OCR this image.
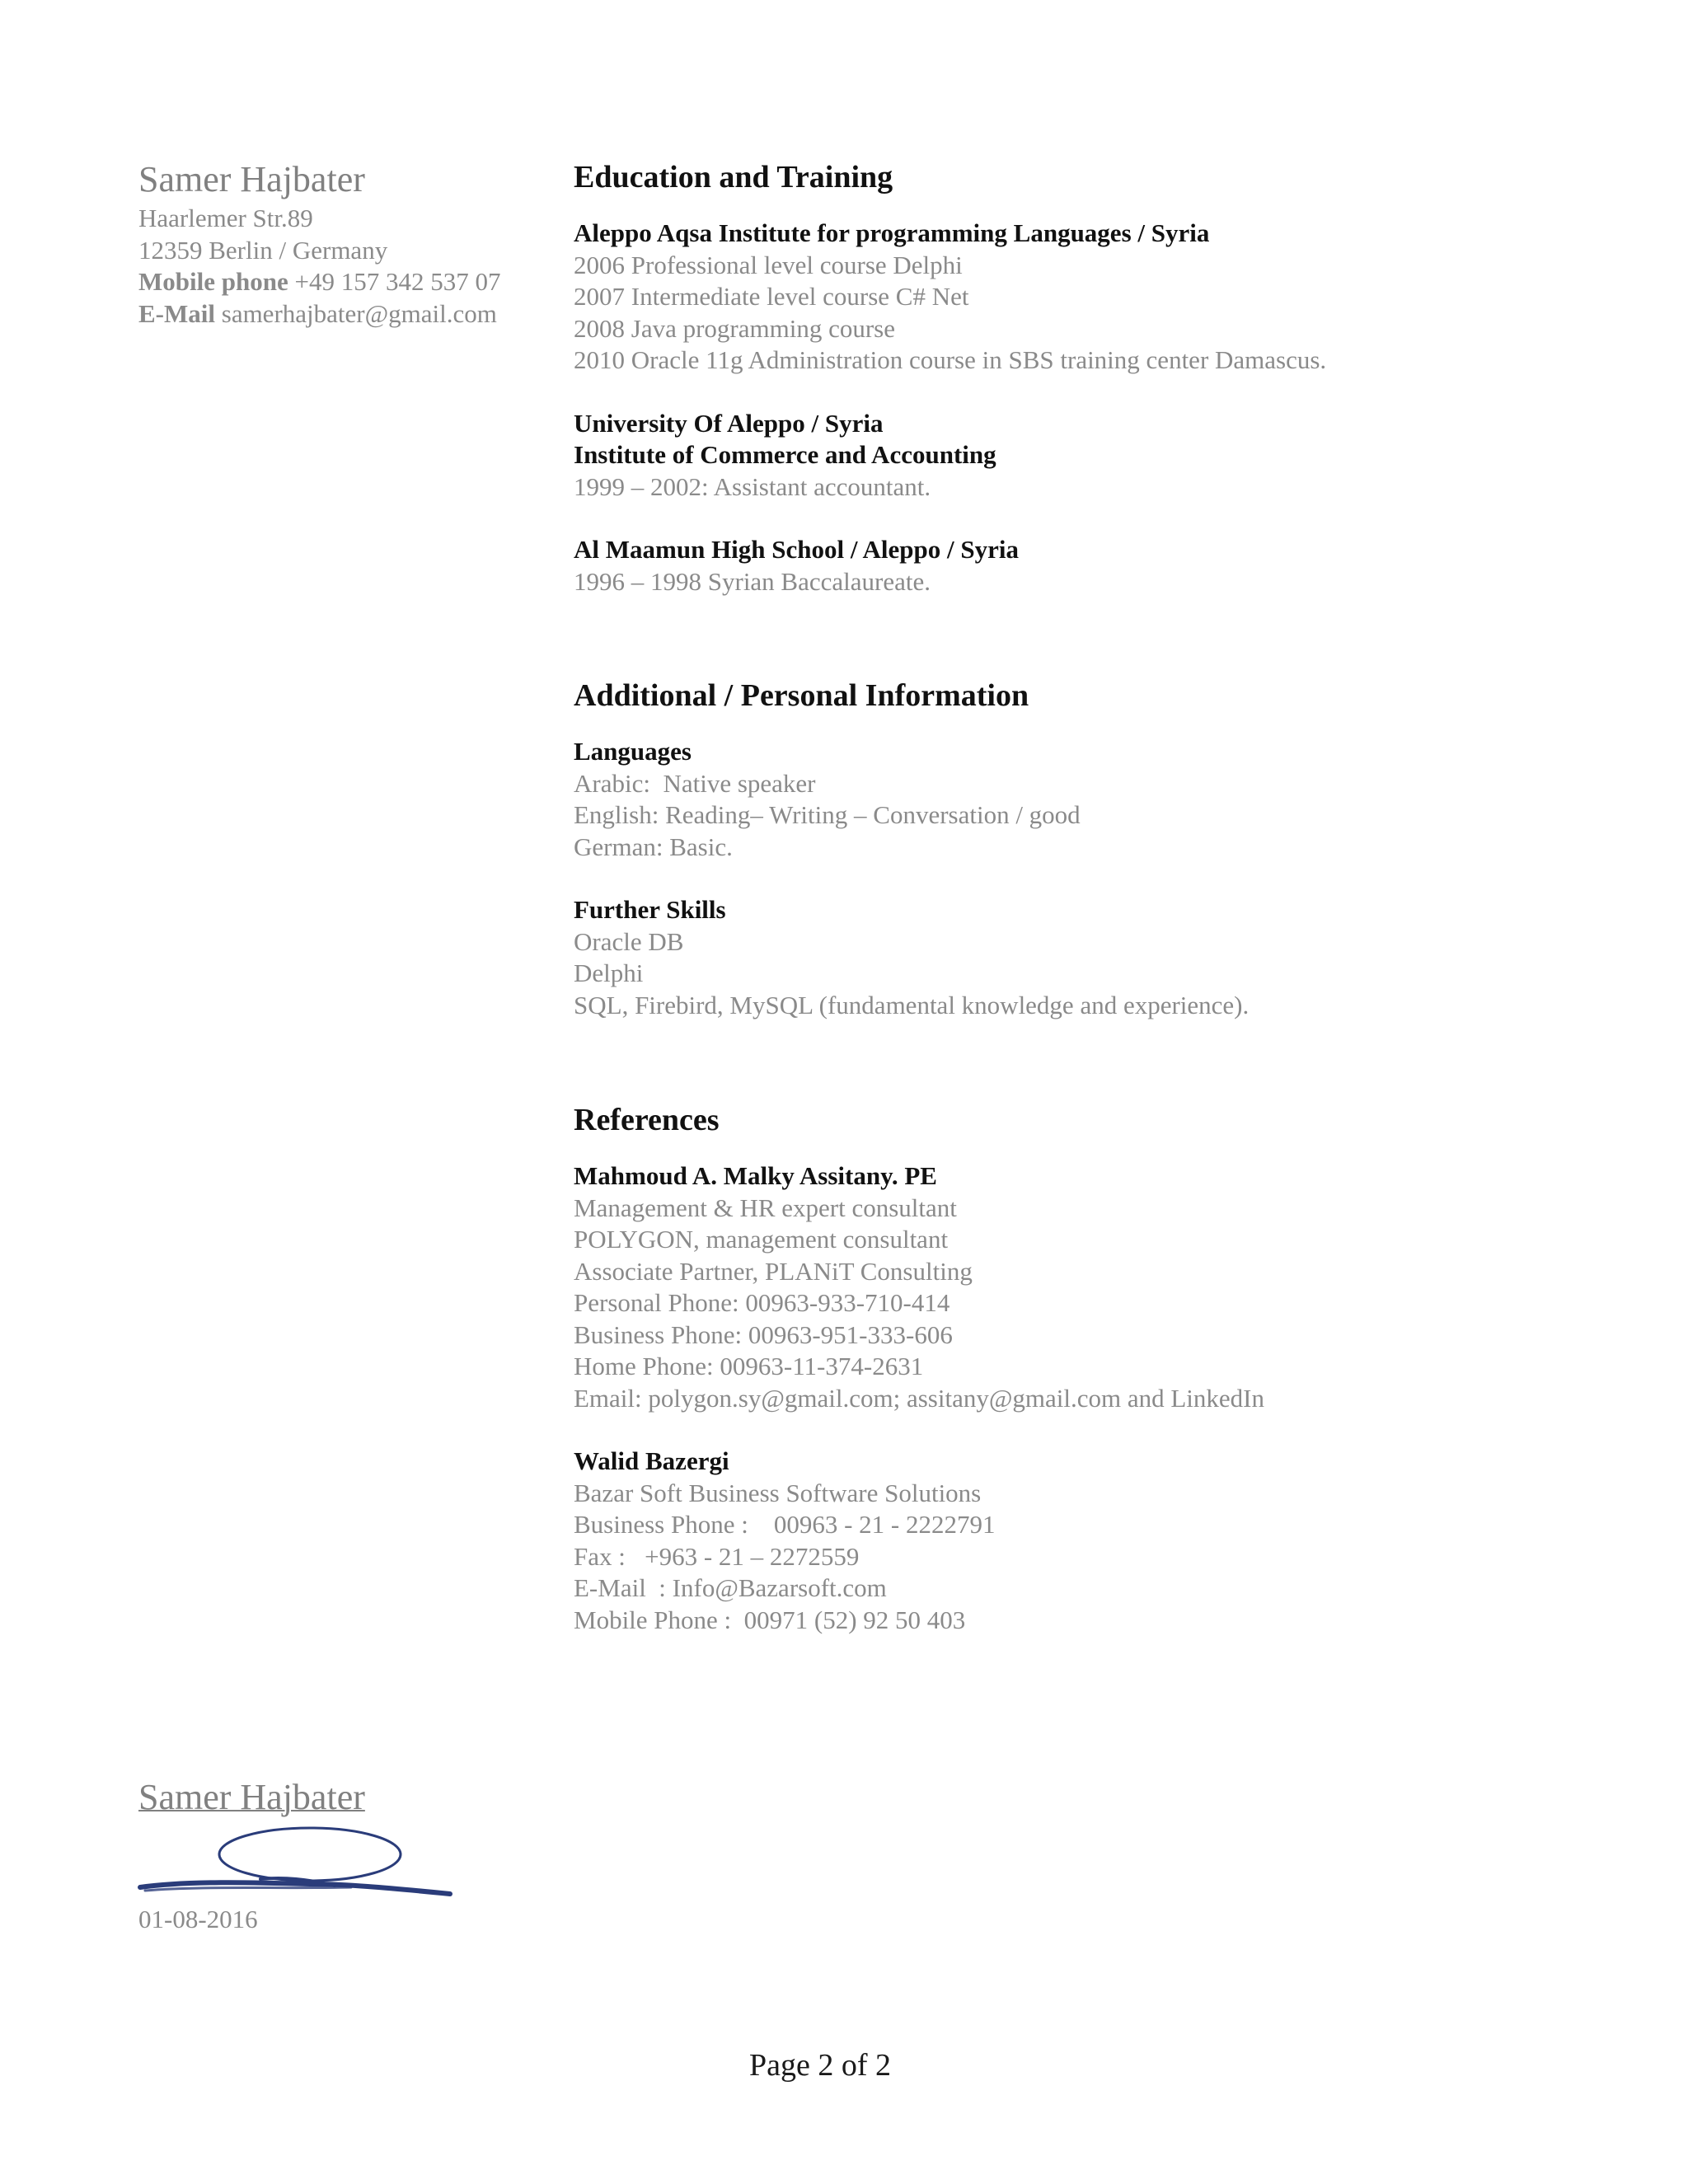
Samer Hajbater
Haarlemer Str.89
12359 Berlin / Germany
Mobile phone +49 157 342 537 07
E-Mail samerhajbater@gmail.com
Education and Training
Aleppo Aqsa Institute for programming Languages / Syria
2006 Professional level course Delphi
2007 Intermediate level course C# Net
2008 Java programming course
2010 Oracle 11g Administration course in SBS training center Damascus.
University Of Aleppo / Syria
Institute of Commerce and Accounting
1999 – 2002: Assistant accountant.
Al Maamun High School / Aleppo / Syria
1996 – 1998 Syrian Baccalaureate.
Additional / Personal Information
Languages
Arabic:  Native speaker
English: Reading– Writing – Conversation / good
German: Basic.
Further Skills
Oracle DB
Delphi
SQL, Firebird, MySQL (fundamental knowledge and experience).
References
Mahmoud A. Malky Assitany. PE
Management & HR expert consultant
POLYGON, management consultant
Associate Partner, PLANiT Consulting
Personal Phone: 00963-933-710-414
Business Phone: 00963-951-333-606
Home Phone: 00963-11-374-2631
Email: polygon.sy@gmail.com; assitany@gmail.com and LinkedIn
Walid Bazergi
Bazar Soft Business Software Solutions
Business Phone :    00963 - 21 - 2222791
Fax :   +963 - 21 – 2272559
E-Mail  : Info@Bazarsoft.com
Mobile Phone :  00971 (52) 92 50 403
Samer Hajbater
01-08-2016
Page 2 of 2
